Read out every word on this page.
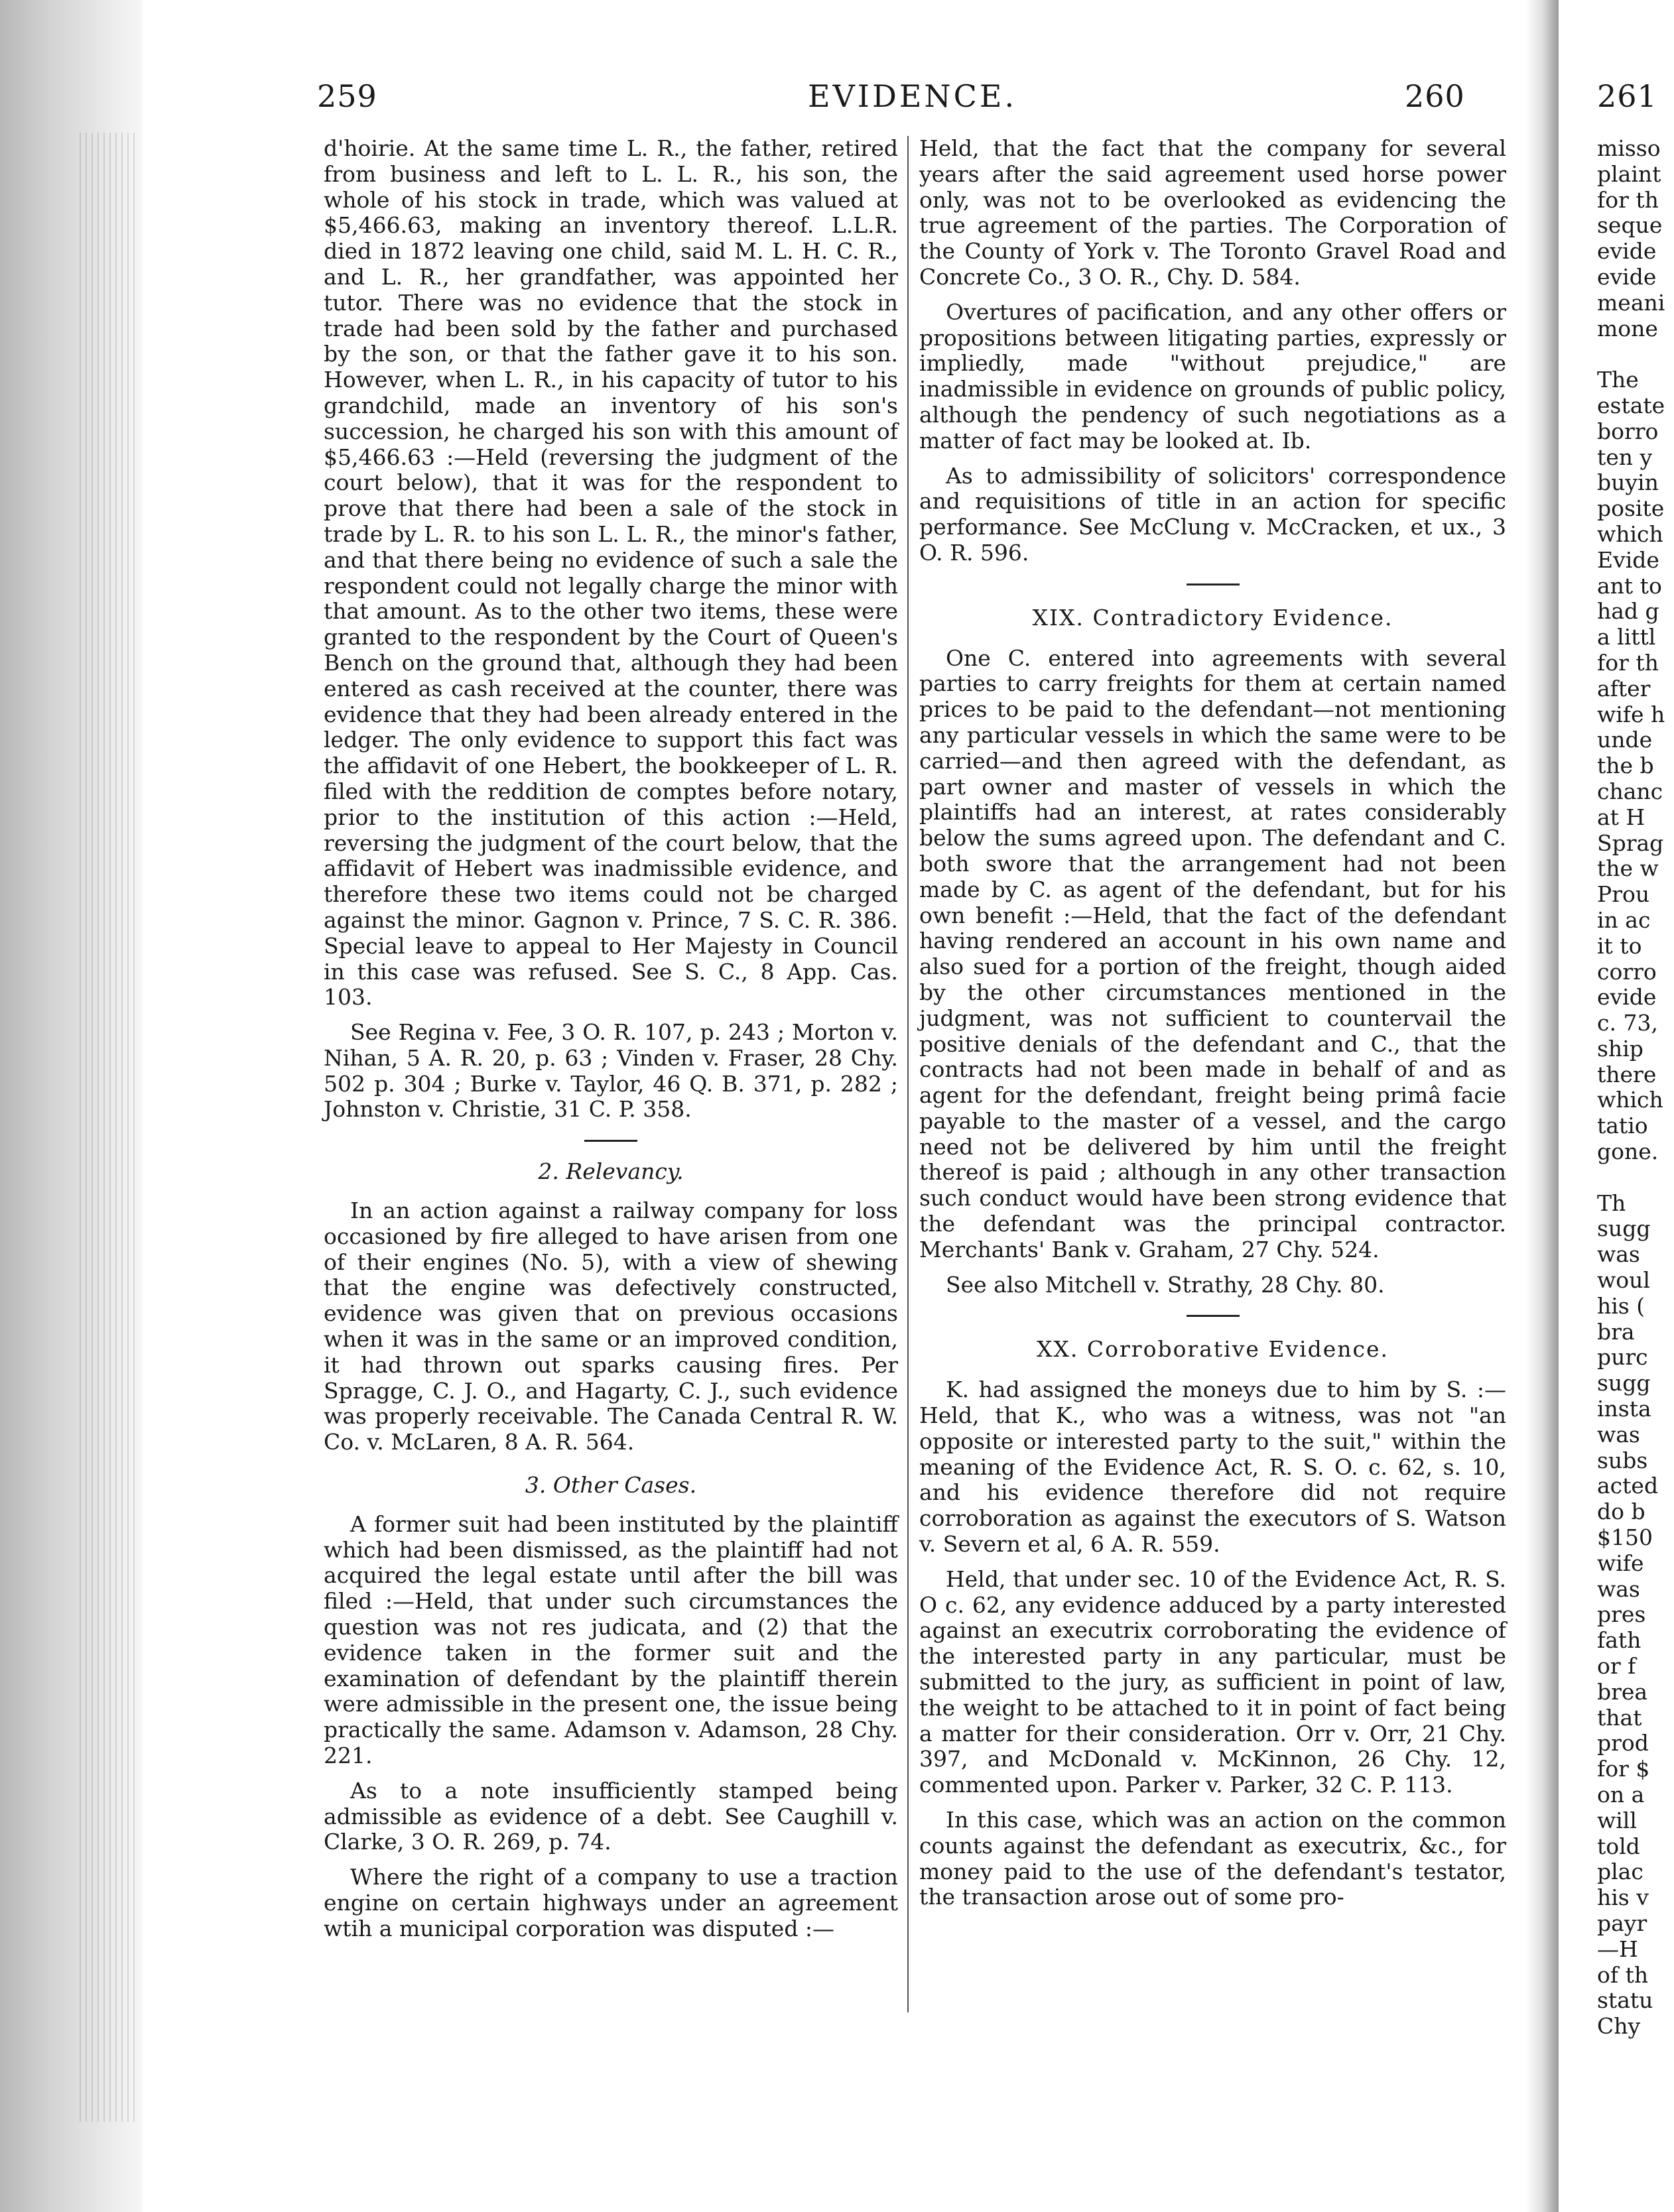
259	EVIDENCE.	260	261

d'hoirie. At the same time L. R., the father, retired from business and left to L. L. R., his son, the whole of his stock in trade, which was valued at $5,466.63, making an inventory thereof. L.L.R. died in 1872 leaving one child, said M. L. H. C. R., and L. R., her grandfather, was appointed her tutor. There was no evidence that the stock in trade had been sold by the father and purchased by the son, or that the father gave it to his son. However, when L. R., in his capacity of tutor to his grandchild, made an inventory of his son's succession, he charged his son with this amount of $5,466.63 :—Held (reversing the judgment of the court below), that it was for the respondent to prove that there had been a sale of the stock in trade by L. R. to his son L. L. R., the minor's father, and that there being no evidence of such a sale the respondent could not legally charge the minor with that amount. As to the other two items, these were granted to the respondent by the Court of Queen's Bench on the ground that, although they had been entered as cash received at the counter, there was evidence that they had been already entered in the ledger. The only evidence to support this fact was the affidavit of one Hebert, the bookkeeper of L. R. filed with the reddition de comptes before notary, prior to the institution of this action :—Held, reversing the judgment of the court below, that the affidavit of Hebert was inadmissible evidence, and therefore these two items could not be charged against the minor. Gagnon v. Prince, 7 S. C. R. 386. Special leave to appeal to Her Majesty in Council in this case was refused. See S. C., 8 App. Cas. 103.

See Regina v. Fee, 3 O. R. 107, p. 243 ; Morton v. Nihan, 5 A. R. 20, p. 63 ; Vinden v. Fraser, 28 Chy. 502 p. 304 ; Burke v. Taylor, 46 Q. B. 371, p. 282 ; Johnston v. Christie, 31 C. P. 358.

2. Relevancy.

In an action against a railway company for loss occasioned by fire alleged to have arisen from one of their engines (No. 5), with a view of shewing that the engine was defectively constructed, evidence was given that on previous occasions when it was in the same or an improved condition, it had thrown out sparks causing fires. Per Spragge, C. J. O., and Hagarty, C. J., such evidence was properly receivable. The Canada Central R. W. Co. v. McLaren, 8 A. R. 564.

3. Other Cases.

A former suit had been instituted by the plaintiff which had been dismissed, as the plaintiff had not acquired the legal estate until after the bill was filed :—Held, that under such circumstances the question was not res judicata, and (2) that the evidence taken in the former suit and the examination of defendant by the plaintiff therein were admissible in the present one, the issue being practically the same. Adamson v. Adamson, 28 Chy. 221.

As to a note insufficiently stamped being admissible as evidence of a debt. See Caughill v. Clarke, 3 O. R. 269, p. 74.

Where the right of a company to use a traction engine on certain highways under an agreement wtih a municipal corporation was disputed :—

Held, that the fact that the company for several years after the said agreement used horse power only, was not to be overlooked as evidencing the true agreement of the parties. The Corporation of the County of York v. The Toronto Gravel Road and Concrete Co., 3 O. R., Chy. D. 584.

Overtures of pacification, and any other offers or propositions between litigating parties, expressly or impliedly, made "without prejudice," are inadmissible in evidence on grounds of public policy, although the pendency of such negotiations as a matter of fact may be looked at. Ib.

As to admissibility of solicitors' correspondence and requisitions of title in an action for specific performance. See McClung v. McCracken, et ux., 3 O. R. 596.

XIX. Contradictory Evidence.

One C. entered into agreements with several parties to carry freights for them at certain named prices to be paid to the defendant—not mentioning any particular vessels in which the same were to be carried—and then agreed with the defendant, as part owner and master of vessels in which the plaintiffs had an interest, at rates considerably below the sums agreed upon. The defendant and C. both swore that the arrangement had not been made by C. as agent of the defendant, but for his own benefit :—Held, that the fact of the defendant having rendered an account in his own name and also sued for a portion of the freight, though aided by the other circumstances mentioned in the judgment, was not sufficient to countervail the positive denials of the defendant and C., that the contracts had not been made in behalf of and as agent for the defendant, freight being primâ facie payable to the master of a vessel, and the cargo need not be delivered by him until the freight thereof is paid ; although in any other transaction such conduct would have been strong evidence that the defendant was the principal contractor. Merchants' Bank v. Graham, 27 Chy. 524.

See also Mitchell v. Strathy, 28 Chy. 80.

XX. Corroborative Evidence.

K. had assigned the moneys due to him by S. :—Held, that K., who was a witness, was not "an opposite or interested party to the suit," within the meaning of the Evidence Act, R. S. O. c. 62, s. 10, and his evidence therefore did not require corroboration as against the executors of S. Watson v. Severn et al, 6 A. R. 559.

Held, that under sec. 10 of the Evidence Act, R. S. O c. 62, any evidence adduced by a party interested against an executrix corroborating the evidence of the interested party in any particular, must be submitted to the jury, as sufficient in point of law, the weight to be attached to it in point of fact being a matter for their consideration. Orr v. Orr, 21 Chy. 397, and McDonald v. McKinnon, 26 Chy. 12, commented upon. Parker v. Parker, 32 C. P. 113.

In this case, which was an action on the common counts against the defendant as executrix, &c., for money paid to the use of the defendant's testator, the transaction arose out of some pro-

misso
plaint
for th
seque
evide
evide
meani
mone

The
estate
borro
ten y
buyin
posite
which
Evide
ant to
had g
a littl
for th
after
wife h
unde
the b
chanc
at H
Sprag
the w
Prou
in ac
it to
corro
evide
c. 73,
ship
there
which
tatio
gone.

Th
sugg
was
woul
his (
bra
purc
sugg
insta
was
subs
acted
do b
$150
wife
was
pres
fath
or f
brea
that
prod
for $
on a
will
told
plac
his v
payr
—H
of th
statu
Chy
